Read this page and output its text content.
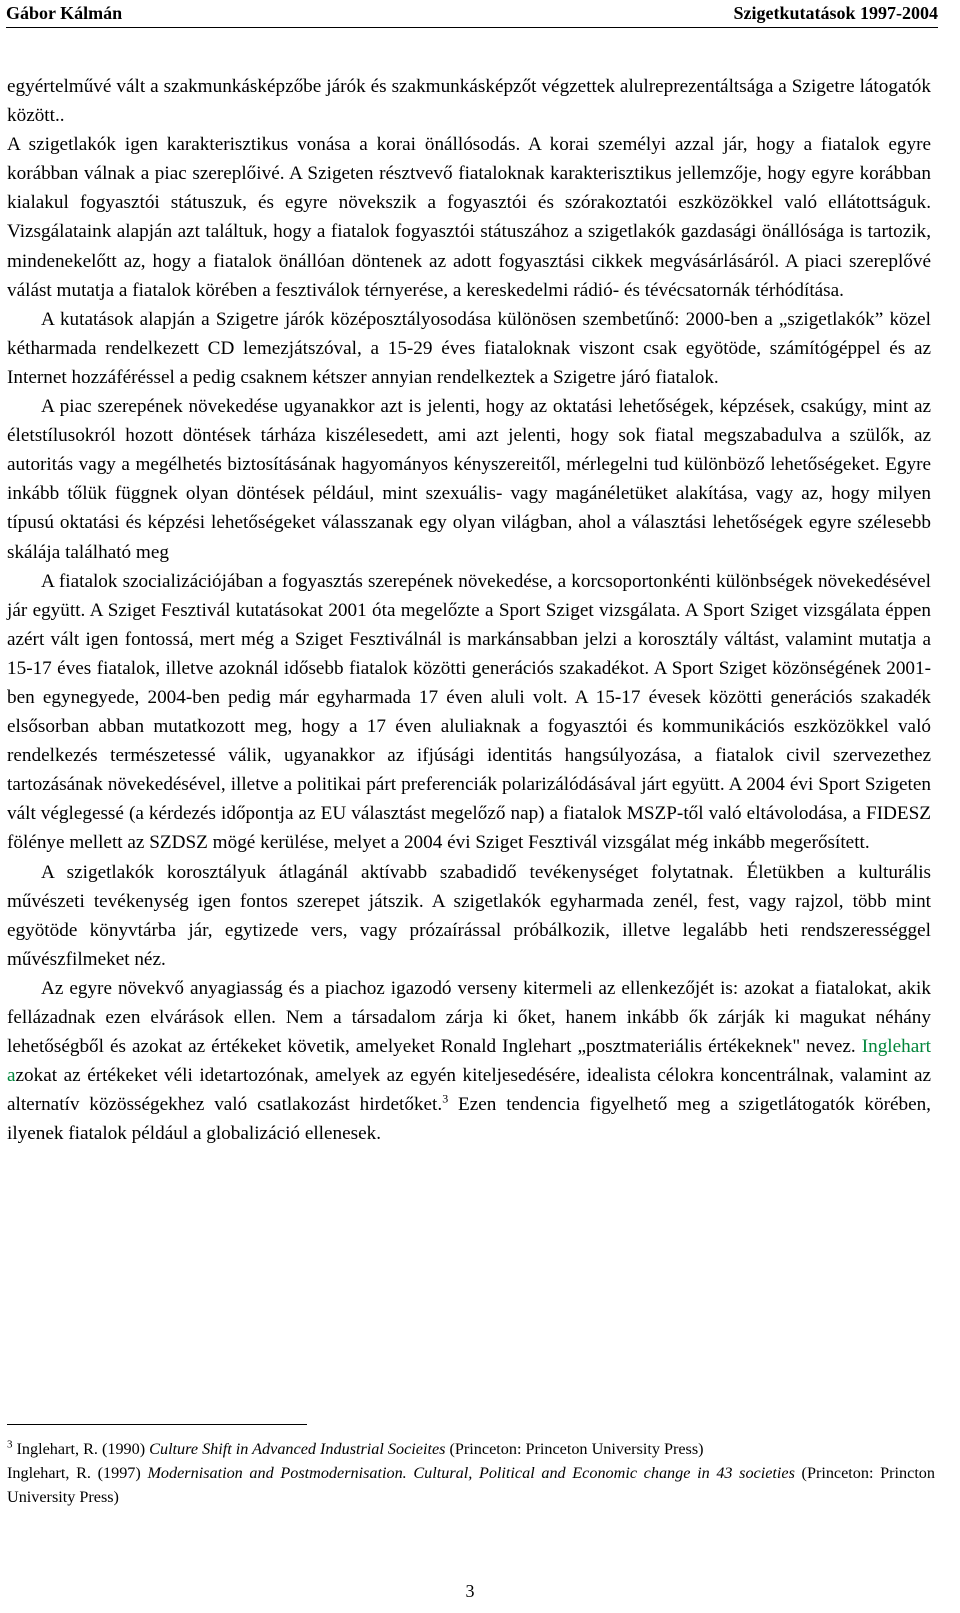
Gábor Kálmán	Szigetkutatások 1997-2004

egyértelművé vált a szakmunkásképzőbe járók és szakmunkásképzőt végzettek alulreprezentáltsága a Szigetre látogatók között..

A szigetlakók igen karakterisztikus vonása a korai önállósodás. A korai személyi azzal jár, hogy a fiatalok egyre korábban válnak a piac szereplőivé. A Szigeten résztvevő fiataloknak karakterisztikus jellemzője, hogy egyre korábban kialakul fogyasztói státuszuk, és egyre növekszik a fogyasztói és szórakoztatói eszközökkel való ellátottságuk. Vizsgálataink alapján azt találtuk, hogy a fiatalok fogyasztói státuszához a szigetlakók gazdasági önállósága is tartozik, mindenekelőtt az, hogy a fiatalok önállóan döntenek az adott fogyasztási cikkek megvásárlásáról. A piaci szereplővé válást mutatja a fiatalok körében a fesztiválok térnyerése, a kereskedelmi rádió- és tévécsatornák térhódítása.

A kutatások alapján a Szigetre járók középosztályosodása különösen szembetűnő: 2000-ben a „szigetlakók” közel kétharmada rendelkezett CD lemezjátszóval, a 15-29 éves fiataloknak viszont csak egyötöde, számítógéppel és az Internet hozzáféréssel a pedig csaknem kétszer annyian rendelkeztek a Szigetre járó fiatalok.

A piac szerepének növekedése ugyanakkor azt is jelenti, hogy az oktatási lehetőségek, képzések, csakúgy, mint az életstílusokról hozott döntések tárháza kiszélesedett, ami azt jelenti, hogy sok fiatal megszabadulva a szülők, az autoritás vagy a megélhetés biztosításának hagyományos kényszereitől, mérlegelni tud különböző lehetőségeket. Egyre inkább tőlük függnek olyan döntések például, mint szexuális- vagy magánéletüket alakítása, vagy az, hogy milyen típusú oktatási és képzési lehetőségeket válasszanak egy olyan világban, ahol a választási lehetőségek egyre szélesebb skálája található meg

A fiatalok szocializációjában a fogyasztás szerepének növekedése, a korcsoportonkénti különbségek növekedésével jár együtt. A Sziget Fesztivál kutatásokat 2001 óta megelőzte a Sport Sziget vizsgálata. A Sport Sziget vizsgálata éppen azért vált igen fontossá, mert még a Sziget Fesztiválnál is markánsabban jelzi a korosztály váltást, valamint mutatja a 15-17 éves fiatalok, illetve azoknál idősebb fiatalok közötti generációs szakadékot. A Sport Sziget közönségének 2001-ben egynegyede, 2004-ben pedig már egyharmada 17 éven aluli volt. A 15-17 évesek közötti generációs szakadék elsősorban abban mutatkozott meg, hogy a 17 éven aluliaknak a fogyasztói és kommunikációs eszközökkel való rendelkezés természetessé válik, ugyanakkor az ifjúsági identitás hangsúlyozása, a fiatalok civil szervezethez tartozásának növekedésével, illetve a politikai párt preferenciák polarizálódásával járt együtt. A 2004 évi Sport Szigeten vált véglegessé (a kérdezés időpontja az EU választást megelőző nap) a fiatalok MSZP-től való eltávolodása, a FIDESZ fölénye mellett az SZDSZ mögé kerülése, melyet a 2004 évi Sziget Fesztivál vizsgálat még inkább megerősített.

A szigetlakók korosztályuk átlagánál aktívabb szabadidő tevékenységet folytatnak. Életükben a kulturális művészeti tevékenység igen fontos szerepet játszik. A szigetlakók egyharmada zenél, fest, vagy rajzol, több mint egyötöde könyvtárba jár, egytizede vers, vagy prózaírással próbálkozik, illetve legalább heti rendszerességgel művészfilmeket néz.

Az egyre növekvő anyagiasság és a piachoz igazodó verseny kitermeli az ellenkezőjét is: azokat a fiatalokat, akik fellázadnak ezen elvárások ellen. Nem a társadalom zárja ki őket, hanem inkább ők zárják ki magukat néhány lehetőségből és azokat az értékeket követik, amelyeket Ronald Inglehart „posztmateriális értékeknek" nevez. Inglehart azokat az értékeket véli idetartozónak, amelyek az egyén kiteljesedésére, idealista célokra koncentrálnak, valamint az alternatív közösségekhez való csatlakozást hirdetőket.$^3$ Ezen tendencia figyelhető meg a szigetlátogatók körében, ilyenek fiatalok például a globalizáció ellenesek.

$^3$ Inglehart, R. (1990) Culture Shift in Advanced Industrial Socieites (Princeton: Princeton University Press)

Inglehart, R. (1997) Modernisation and Postmodernisation. Cultural, Political and Economic change in 43 societies (Princeton: Princton University Press)

3
